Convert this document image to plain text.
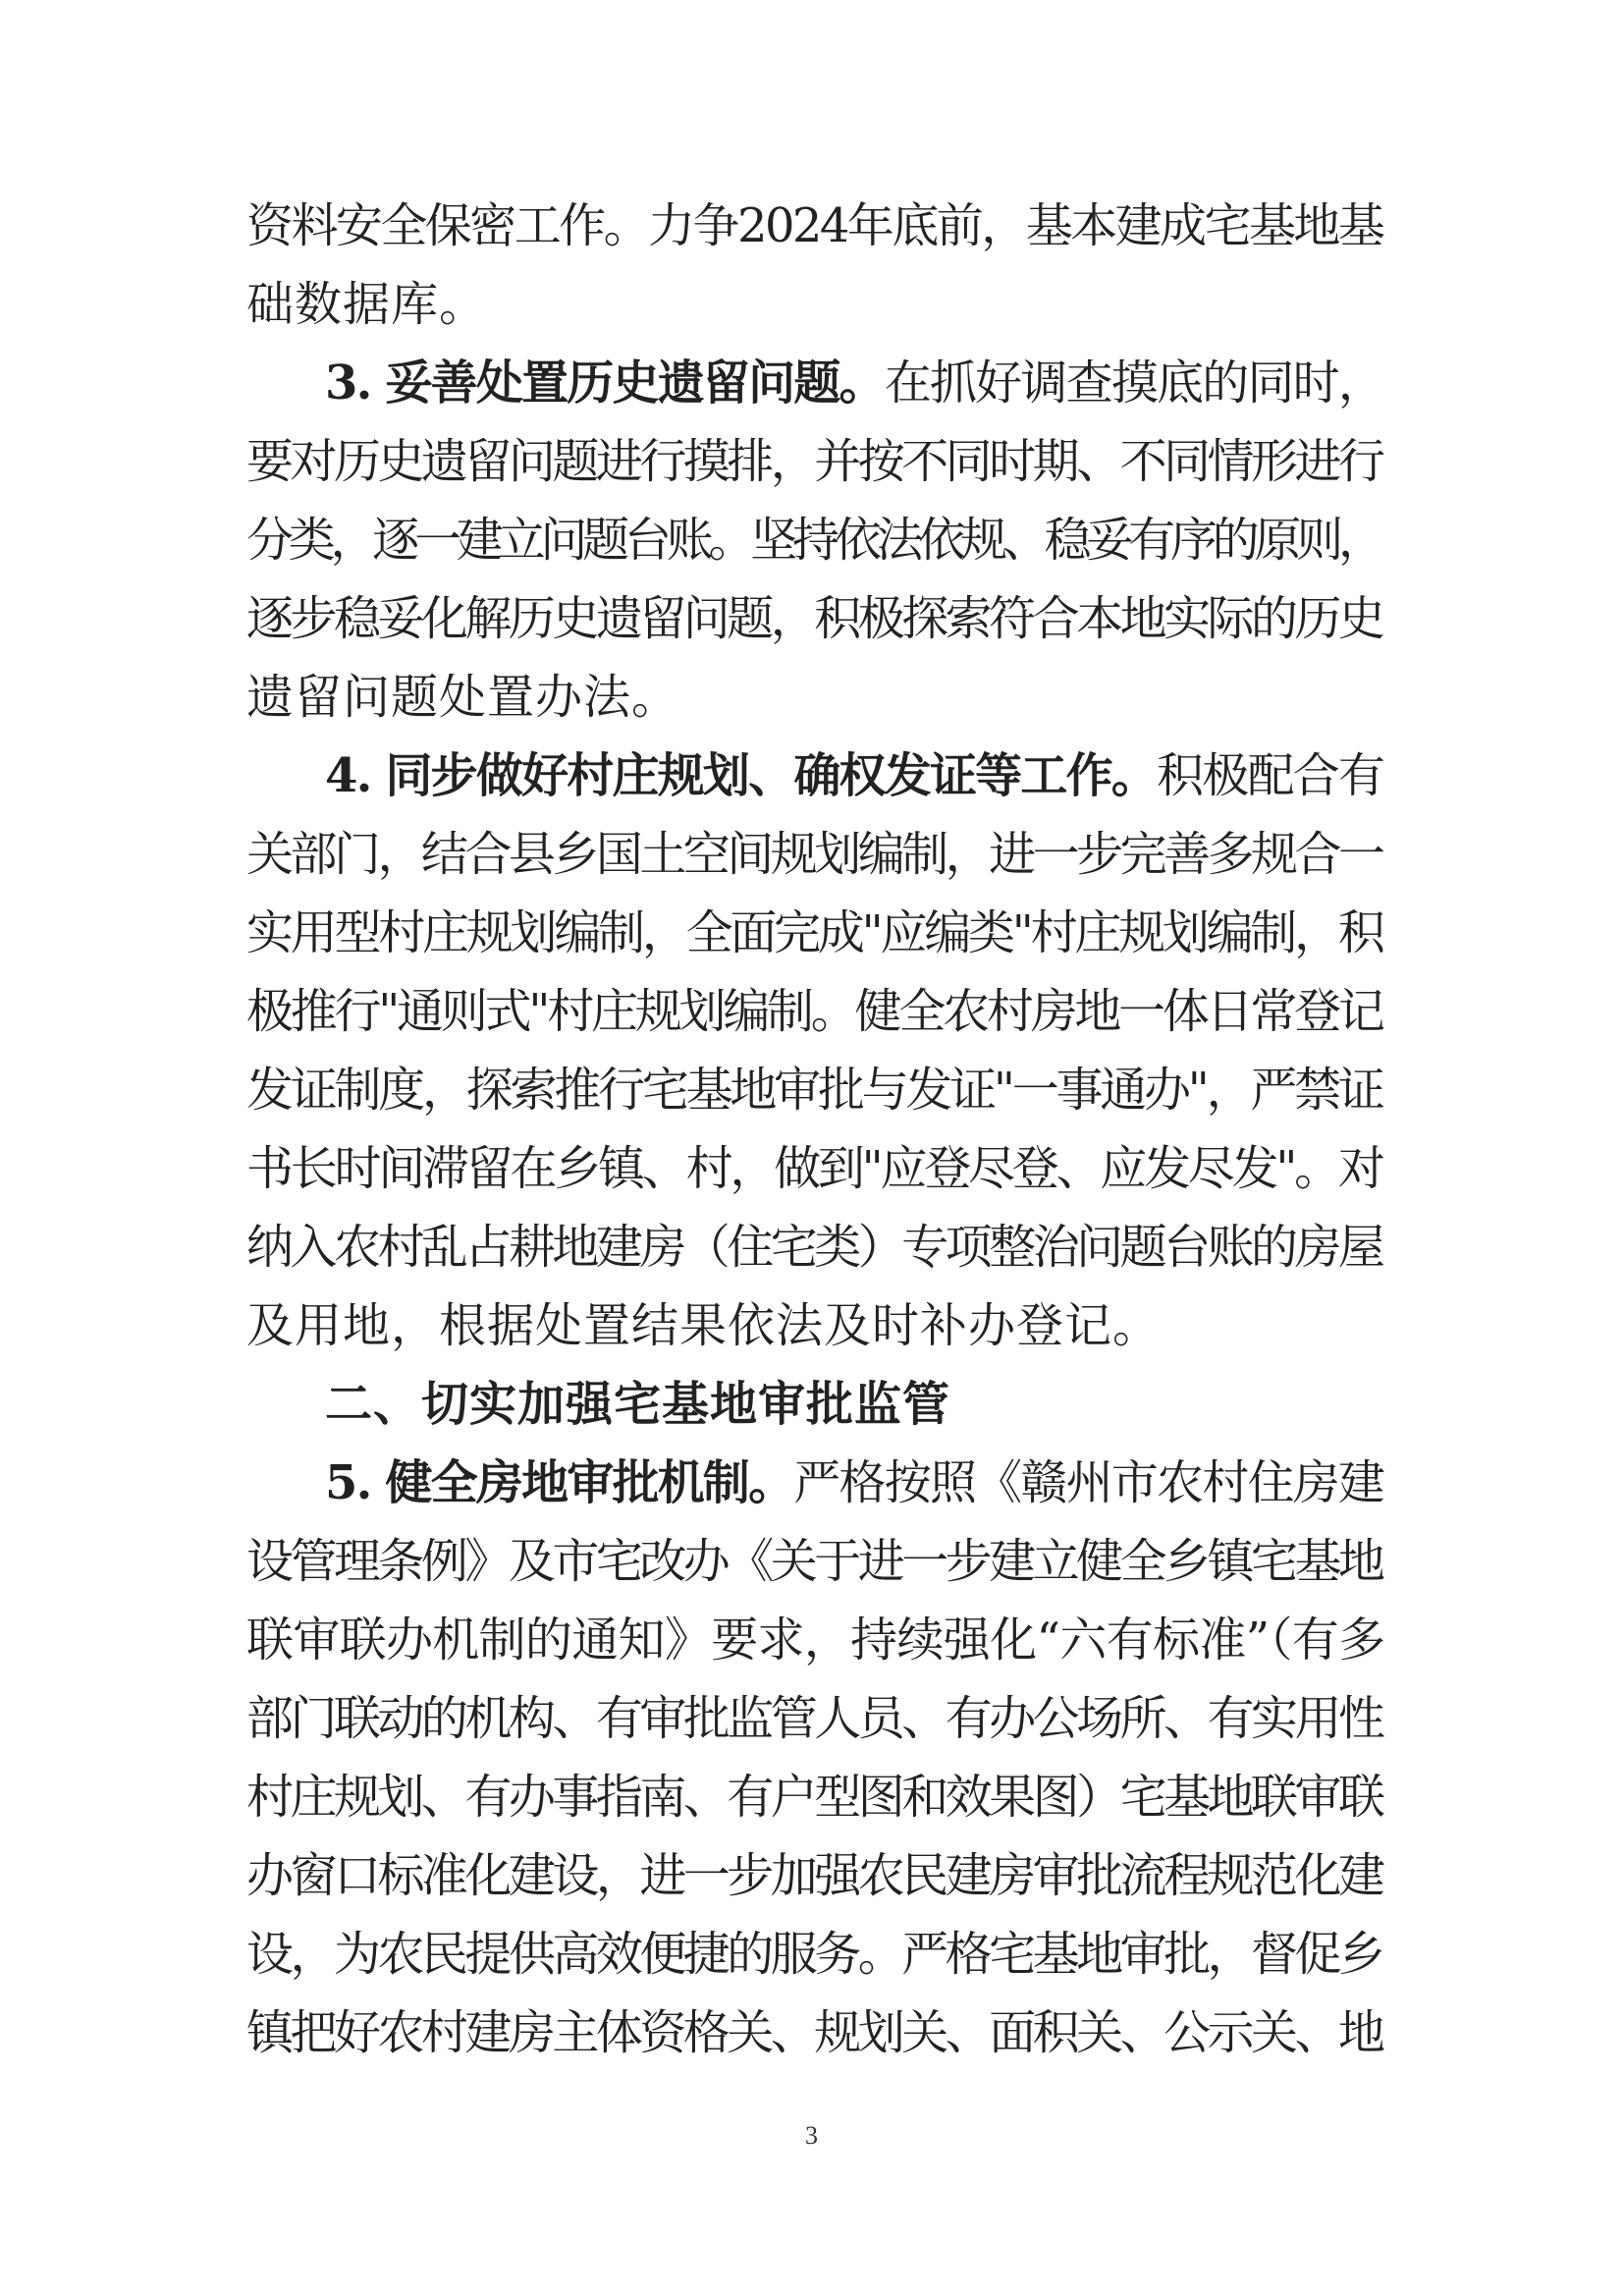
资料安全保密工作。力争2024年底前，基本建成宅基地基
础数据库。
3. 妥善处置历史遗留问题。在抓好调查摸底的同时，
要对历史遗留问题进行摸排，并按不同时期、不同情形进行
分类，逐一建立问题台账。坚持依法依规、稳妥有序的原则，
逐步稳妥化解历史遗留问题，积极探索符合本地实际的历史
遗留问题处置办法。
4. 同步做好村庄规划、确权发证等工作。积极配合有
关部门，结合县乡国土空间规划编制，进一步完善多规合一
实用型村庄规划编制，全面完成"应编类"村庄规划编制，积
极推行"通则式"村庄规划编制。健全农村房地一体日常登记
发证制度，探索推行宅基地审批与发证"一事通办"，严禁证
书长时间滞留在乡镇、村，做到"应登尽登、应发尽发"。对
纳入农村乱占耕地建房（住宅类）专项整治问题台账的房屋
及用地，根据处置结果依法及时补办登记。
二、切实加强宅基地审批监管
5. 健全房地审批机制。严格按照《赣州市农村住房建
设管理条例》及市宅改办《关于进一步建立健全乡镇宅基地
联审联办机制的通知》要求，持续强化“六有标准”（有多
部门联动的机构、有审批监管人员、有办公场所、有实用性
村庄规划、有办事指南、有户型图和效果图）宅基地联审联
办窗口标准化建设，进一步加强农民建房审批流程规范化建
设，为农民提供高效便捷的服务。严格宅基地审批，督促乡
镇把好农村建房主体资格关、规划关、面积关、公示关、地
3
